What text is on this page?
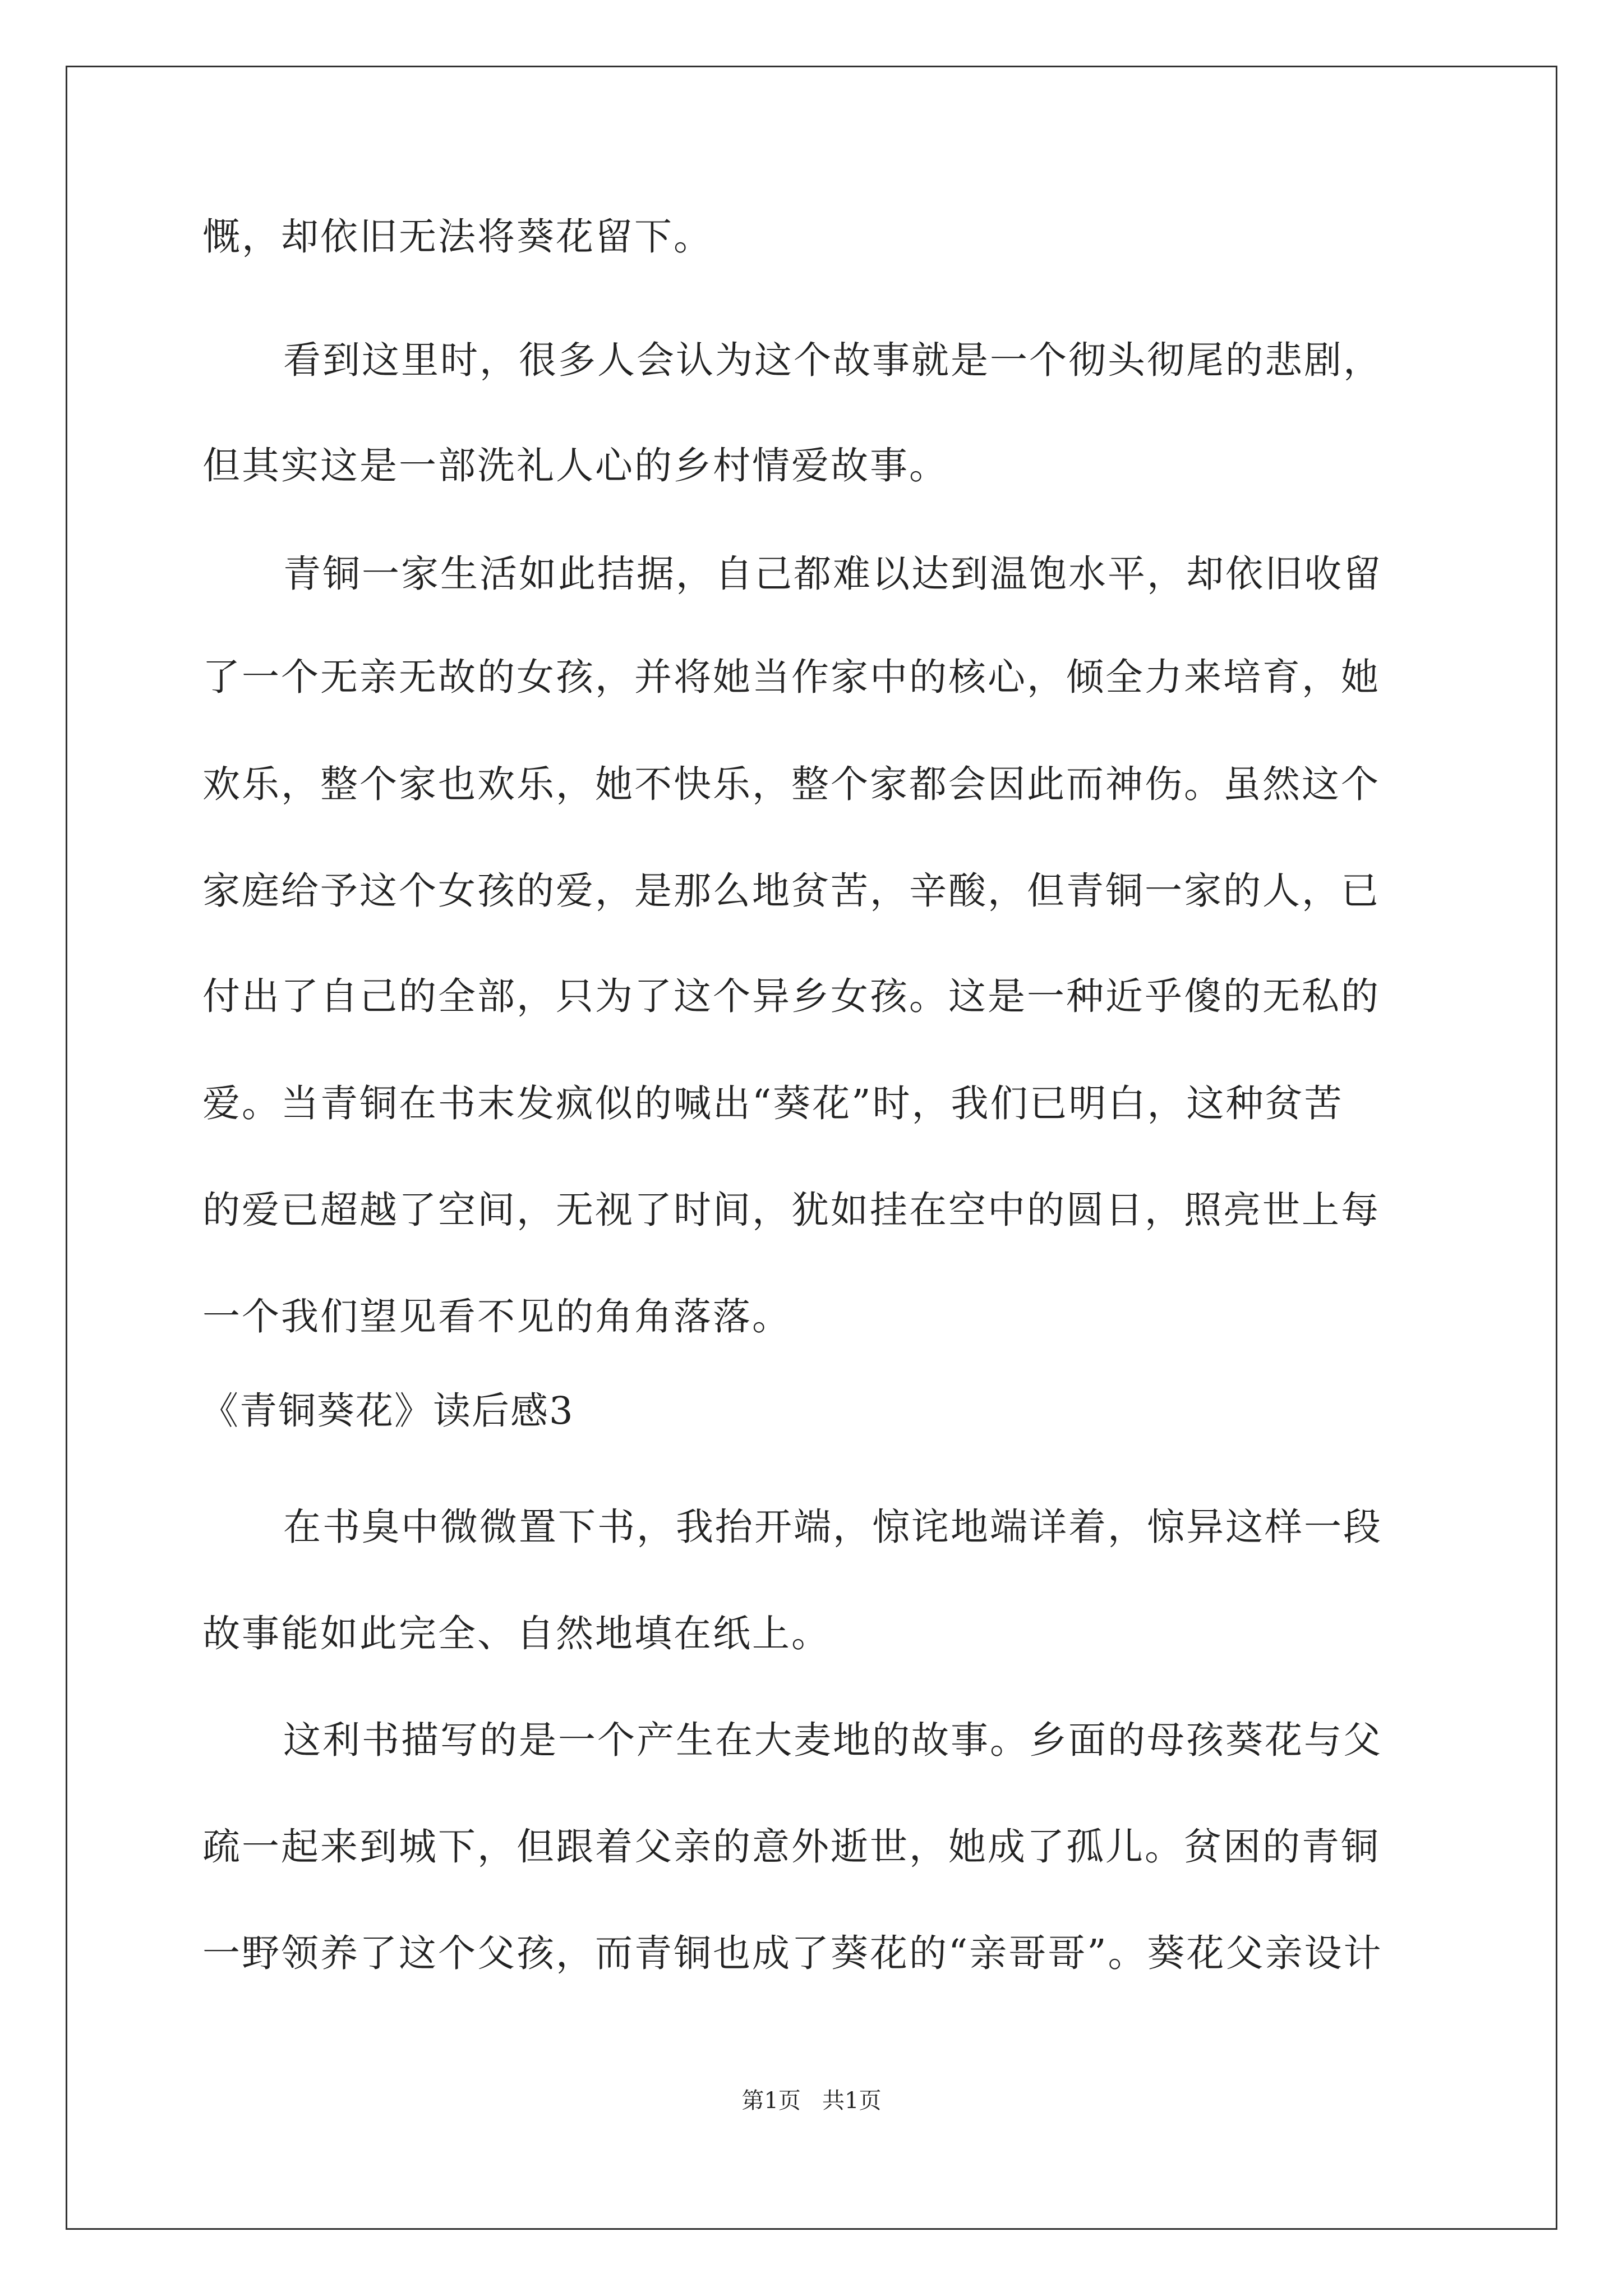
慨，却依旧无法将葵花留下。
看到这里时，很多人会认为这个故事就是一个彻头彻尾的悲剧，
但其实这是一部洗礼人心的乡村情爱故事。
青铜一家生活如此拮据，自己都难以达到温饱水平，却依旧收留
了一个无亲无故的女孩，并将她当作家中的核心，倾全力来培育，她
欢乐，整个家也欢乐，她不快乐，整个家都会因此而神伤。虽然这个
家庭给予这个女孩的爱，是那么地贫苦，辛酸，但青铜一家的人，已
付出了自己的全部，只为了这个异乡女孩。这是一种近乎傻的无私的
爱。当青铜在书末发疯似的喊出“葵花”时，我们已明白，这种贫苦
的爱已超越了空间，无视了时间，犹如挂在空中的圆日，照亮世上每
一个我们望见看不见的角角落落。
《青铜葵花》读后感3
在书臭中微微置下书，我抬开端，惊诧地端详着，惊异这样一段
故事能如此完全、自然地填在纸上。
这利书描写的是一个产生在大麦地的故事。乡面的母孩葵花与父
疏一起来到城下，但跟着父亲的意外逝世，她成了孤儿。贫困的青铜
一野领养了这个父孩，而青铜也成了葵花的“亲哥哥”。葵花父亲设计
第1页   共1页
